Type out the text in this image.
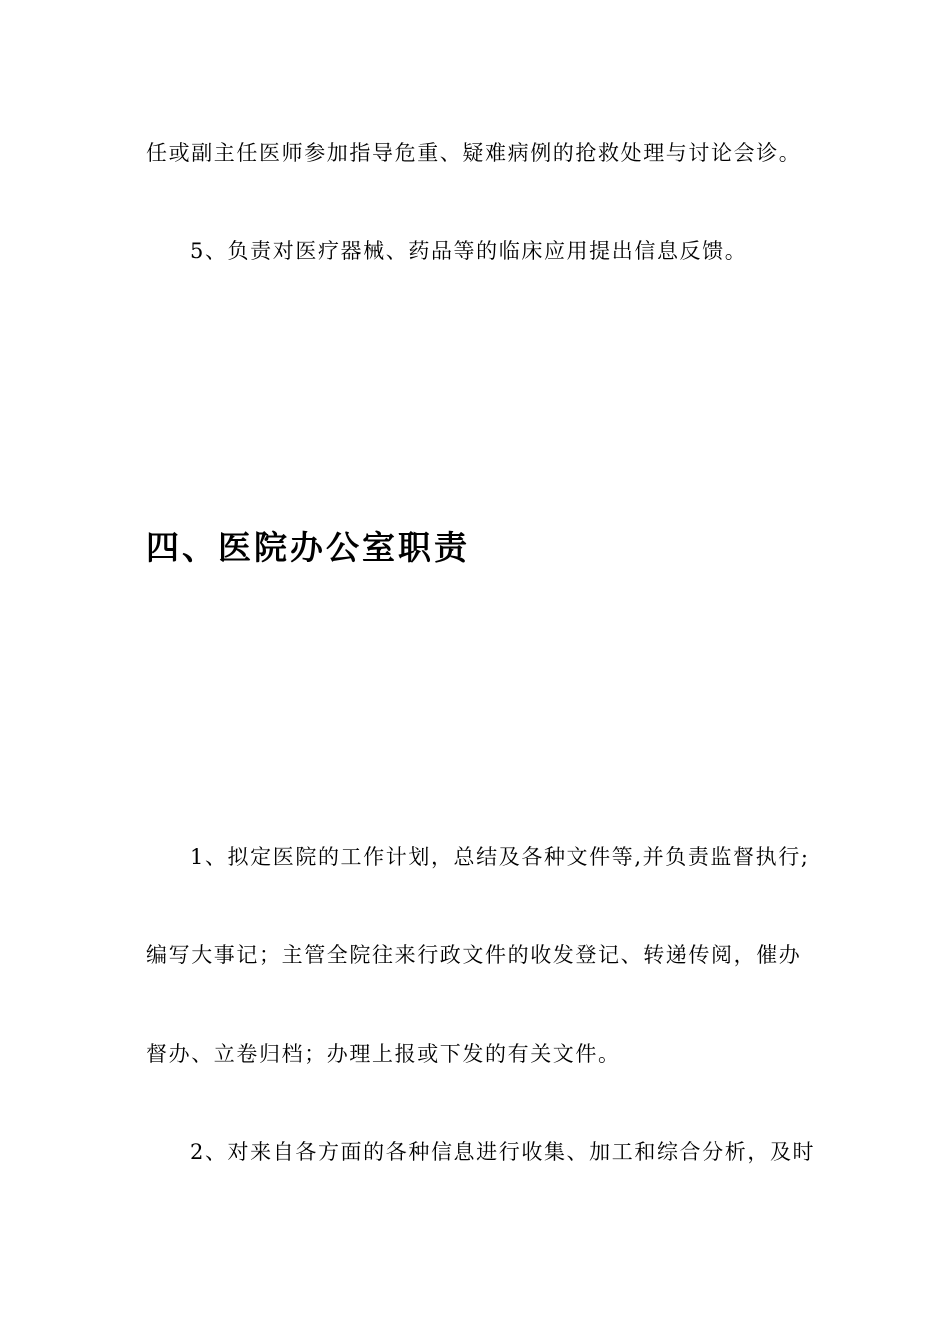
任或副主任医师参加指导危重、疑难病例的抢救处理与讨论会诊。
5、负责对医疗器械、药品等的临床应用提出信息反馈。
四、医院办公室职责
1、拟定医院的工作计划，总结及各种文件等,并负责监督执行;
编写大事记；主管全院往来行政文件的收发登记、转递传阅，催办
督办、立卷归档；办理上报或下发的有关文件。
2、对来自各方面的各种信息进行收集、加工和综合分析，及时
